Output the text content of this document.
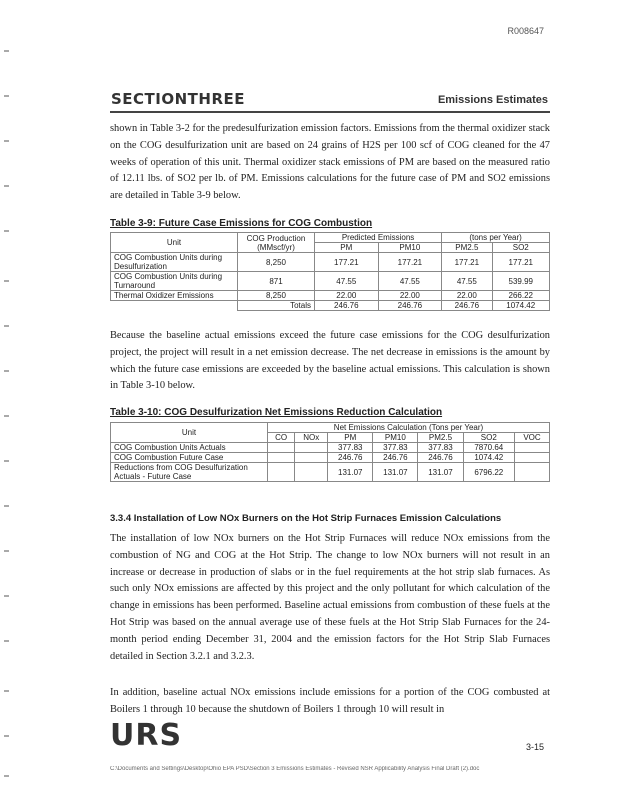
R008647
SECTIONTHREE	Emissions Estimates

shown in Table 3-2 for the predesulfurization emission factors. Emissions from the thermal oxidizer stack on the COG desulfurization unit are based on 24 grains of H2S per 100 scf of COG cleaned for the 47 weeks of operation of this unit. Thermal oxidizer stack emissions of PM are based on the measured ratio of 12.11 lbs. of SO2 per lb. of PM. Emissions calculations for the future case of PM and SO2 emissions are detailed in Table 3-9 below.

Table 3-9: Future Case Emissions for COG Combustion
Unit	COG Production (MMscf/yr)	Predicted Emissions		(tons per Year)	
		PM	PM10	PM2.5	SO2
COG Combustion Units during Desulfurization	8,250	177.21	177.21	177.21	177.21
COG Combustion Units during Turnaround	871	47.55	47.55	47.55	539.99
Thermal Oxidizer Emissions	8,250	22.00	22.00	22.00	266.22
	Totals	246.76	246.76	246.76	1074.42

Because the baseline actual emissions exceed the future case emissions for the COG desulfurization project, the project will result in a net emission decrease. The net decrease in emissions is the amount by which the future case emissions are exceeded by the baseline actual emissions. This calculation is shown in Table 3-10 below.

Table 3-10: COG Desulfurization Net Emissions Reduction Calculation
Unit	Net Emissions Calculation (Tons per Year)						
	CO	NOx	PM	PM10	PM2.5	SO2	VOC
COG Combustion Units Actuals			377.83	377.83	377.83	7870.64	
COG Combustion Future Case			246.76	246.76	246.76	1074.42	
Reductions from COG Desulfurization Actuals - Future Case			131.07	131.07	131.07	6796.22	
3.3.4 Installation of Low NOx Burners on the Hot Strip Furnaces Emission Calculations

The installation of low NOx burners on the Hot Strip Furnaces will reduce NOx emissions from the combustion of NG and COG at the Hot Strip. The change to low NOx burners will not result in an increase or decrease in production of slabs or in the fuel requirements at the hot strip slab furnaces. As such only NOx emissions are affected by this project and the only pollutant for which calculation of the change in emissions has been performed. Baseline actual emissions from combustion of these fuels at the Hot Strip was based on the annual average use of these fuels at the Hot Strip Slab Furnaces for the 24-month period ending December 31, 2004 and the emission factors for the Hot Strip Slab Furnaces detailed in Section 3.2.1 and 3.2.3.

In addition, baseline actual NOx emissions include emissions for a portion of the COG combusted at Boilers 1 through 10 because the shutdown of Boilers 1 through 10 will result in

URS	3-15
C:\Documents and Settings\Desktop\Ohio EPA PSD\Section 3 Emissions Estimates - Revised NSR Applicability Analysis Final Draft (2).doc
